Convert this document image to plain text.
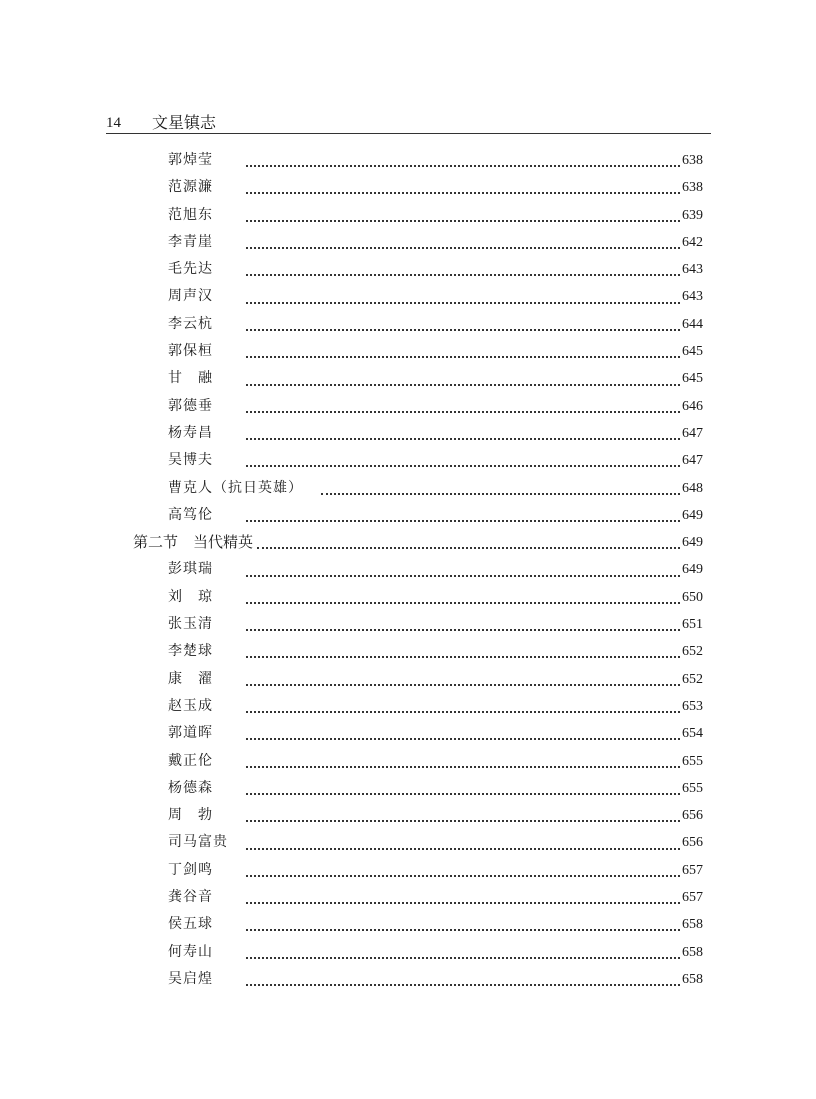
14 文星镇志
郭焯莹	638
范源濂	638
范旭东	639
李青崖	642
毛先达	643
周声汉	643
李云杭	644
郭保桓	645
甘　融	645
郭德垂	646
杨寿昌	647
吴博夫	647
曹克人（抗日英雄）	648
高笃伦	649
第二节　当代精英	649
彭琪瑞	649
刘　琼	650
张玉清	651
李楚球	652
康　濯	652
赵玉成	653
郭道晖	654
戴正伦	655
杨德森	655
周　勃	656
司马富贵	656
丁剑鸣	657
龚谷音	657
侯五球	658
何寿山	658
吴启煌	658
